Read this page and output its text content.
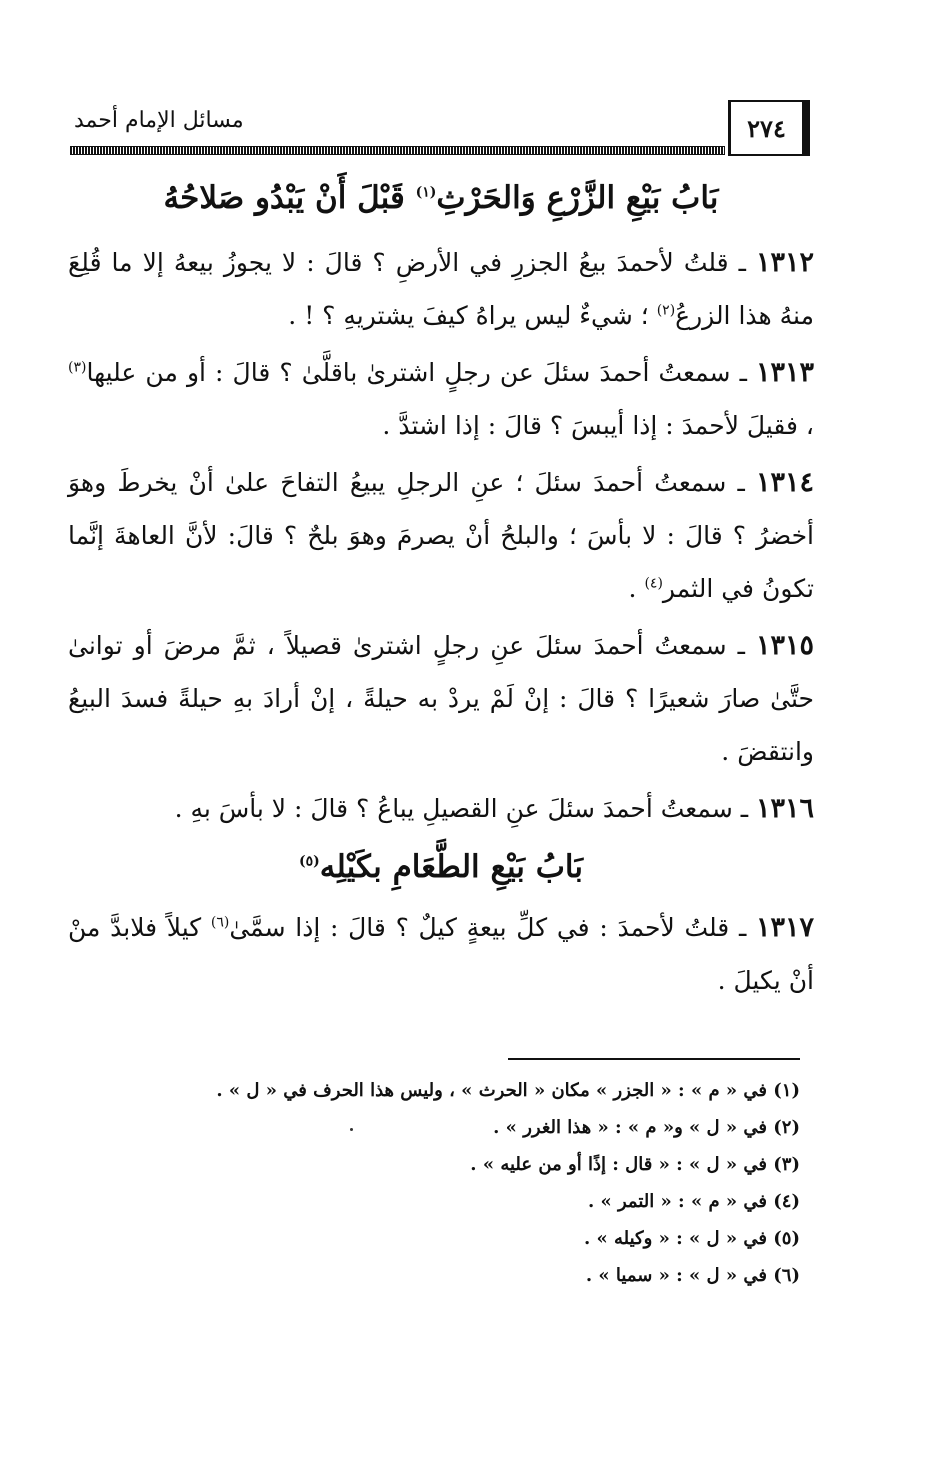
مسائل الإمام أحمد	٢٧٤
بَابُ بَيْعِ الزَّرْعِ وَالحَرْثِ$^{(١)}$ قَبْلَ أَنْ يَبْدُو صَلاحُهُ

١٣١٢ ـ قلتُ لأحمدَ بيعُ الجزرِ في الأرضِ ؟ قالَ : لا يجوزُ بيعهُ إلا ما قُلِعَ منهُ هذا الزرعُ$^{(٢)}$ ؛ شيءٌ ليس يراهُ كيفَ يشتريهِ ؟ ! .

١٣١٣ ـ سمعتُ أحمدَ سئلَ عن رجلٍ اشترىٰ باقلَّىٰ ؟ قالَ : أو من عليها$^{(٣)}$ ، فقيلَ لأحمدَ : إذا أيبسَ ؟ قالَ : إذا اشتدَّ .

١٣١٤ ـ سمعتُ أحمدَ سئلَ ؛ عنِ الرجلِ يبيعُ التفاحَ علىٰ أنْ يخرطَ وهوَ أخضرُ ؟ قالَ : لا بأسَ ؛ والبلحُ أنْ يصرمَ وهوَ بلحٌ ؟ قالَ: لأنَّ العاهةَ إنَّما تكونُ في الثمر$^{(٤)}$ .

١٣١٥ ـ سمعتُ أحمدَ سئلَ عنِ رجلٍ اشترىٰ قصيلاً ، ثمَّ مرضَ أو توانىٰ حتَّىٰ صارَ شعيرًا ؟ قالَ : إنْ لَمْ يردْ به حيلةً ، إنْ أرادَ بهِ حيلةً فسدَ البيعُ وانتقضَ .

١٣١٦ ـ سمعتُ أحمدَ سئلَ عنِ القصيلِ يباعُ ؟ قالَ : لا بأسَ بهِ .

بَابُ بَيْعِ الطَّعَامِ بكَيْلِه$^{(٥)}$

١٣١٧ ـ قلتُ لأحمدَ : في كلِّ بيعةٍ كيلٌ ؟ قالَ : إذا سمَّىٰ$^{(٦)}$ كيلاً فلابدَّ منْ أنْ يكيلَ .

(١) في « م » : « الجزر » مكان « الحرث » ، وليس هذا الحرف في « ل » .
(٢) في « ل » و« م » : « هذا الغرر » .
(٣) في « ل » : « قال : إذًا أو من عليه » .
(٤) في « م » : « التمر » .
(٥) في « ل » : « وكيله » .
(٦) في « ل » : « سميا » .
